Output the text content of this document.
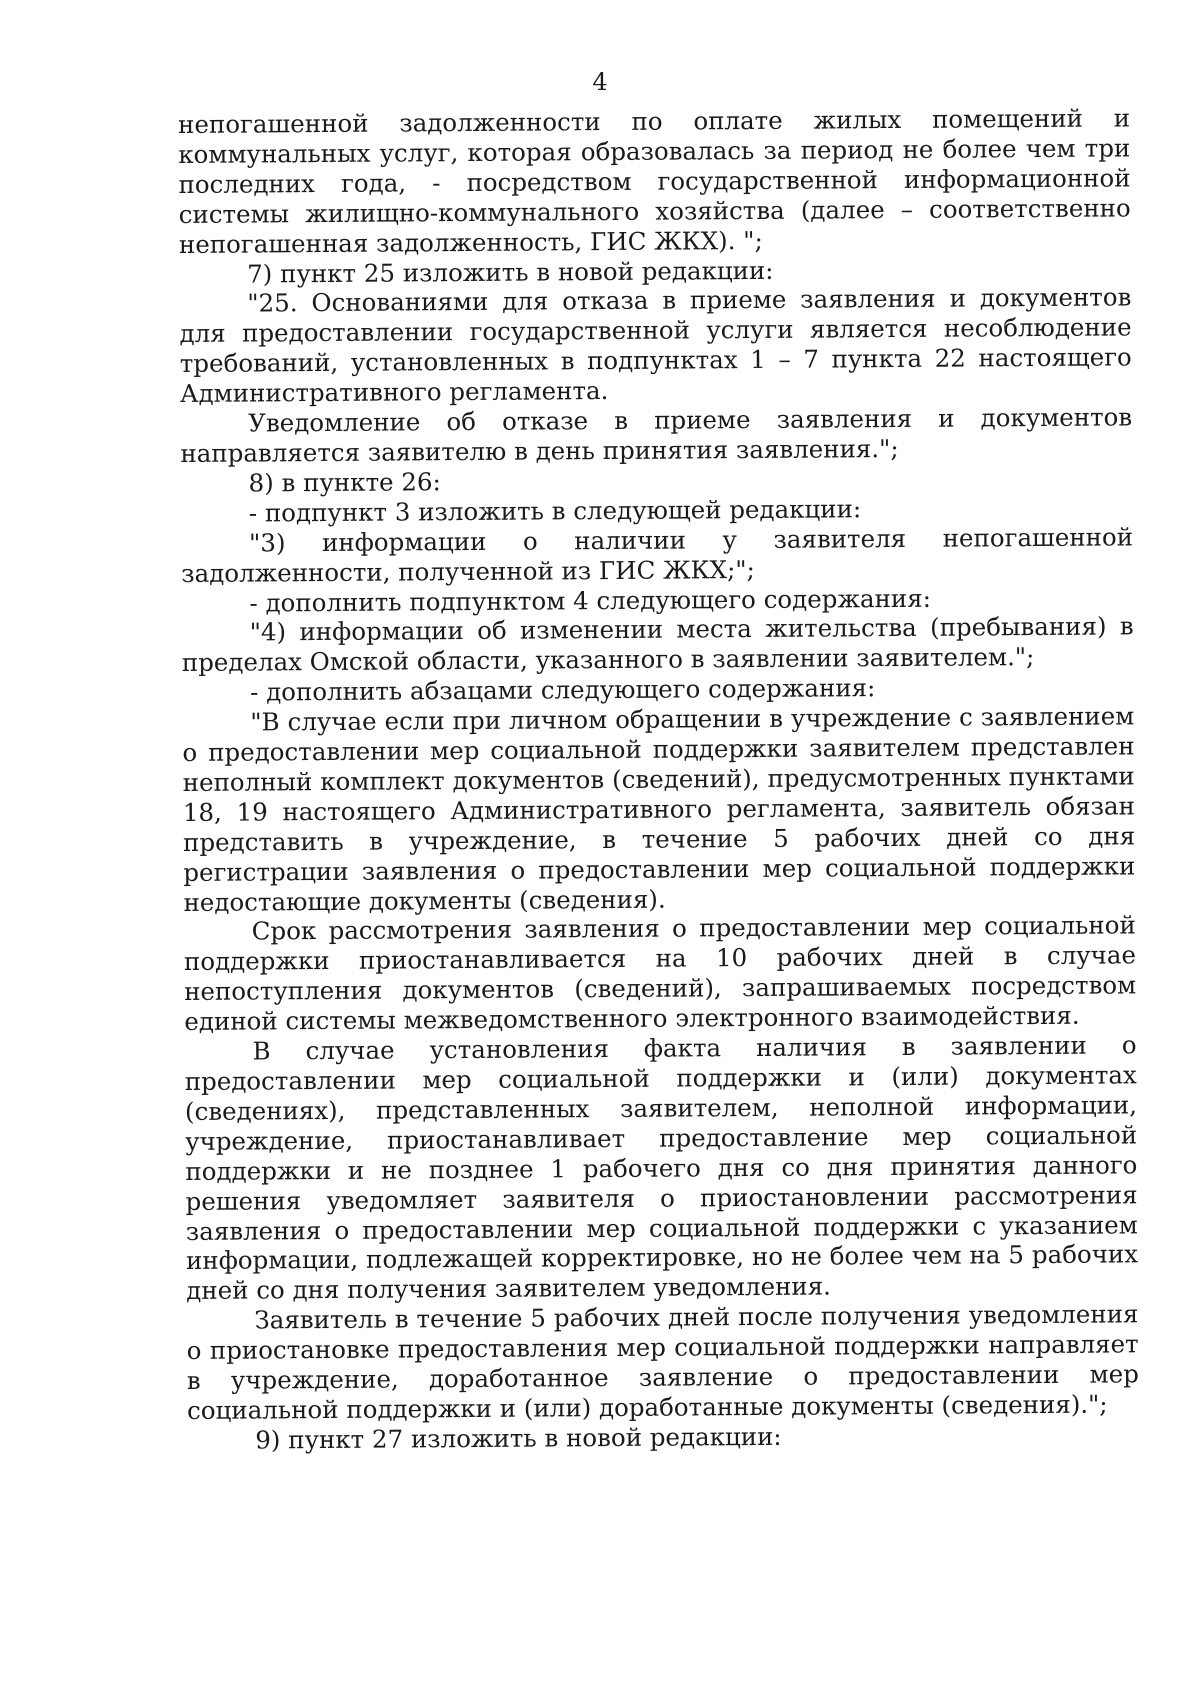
4

непогашенной задолженности по оплате жилых помещений и коммунальных услуг, которая образовалась за период не более чем три последних года, - посредством государственной информационной системы жилищно-коммунального хозяйства (далее – соответственно непогашенная задолженность, ГИС ЖКХ). ";

7) пункт 25 изложить в новой редакции:

"25. Основаниями для отказа в приеме заявления и документов для предоставлении государственной услуги является несоблюдение требований, установленных в подпунктах 1 – 7 пункта 22 настоящего Административного регламента.

Уведомление об отказе в приеме заявления и документов направляется заявителю в день принятия заявления.";

8) в пункте 26:

- подпункт 3 изложить в следующей редакции:

"3) информации о наличии у заявителя непогашенной задолженности, полученной из ГИС ЖКХ;";

- дополнить подпунктом 4 следующего содержания:

"4) информации об изменении места жительства (пребывания) в пределах Омской области, указанного в заявлении заявителем.";

- дополнить абзацами следующего содержания:

"В случае если при личном обращении в учреждение с заявлением о предоставлении мер социальной поддержки заявителем представлен неполный комплект документов (сведений), предусмотренных пунктами 18, 19 настоящего Административного регламента, заявитель обязан представить в учреждение, в течение 5 рабочих дней со дня регистрации заявления о предоставлении мер социальной поддержки недостающие документы (сведения).

Срок рассмотрения заявления о предоставлении мер социальной поддержки приостанавливается на 10 рабочих дней в случае непоступления документов (сведений), запрашиваемых посредством единой системы межведомственного электронного взаимодействия.

В случае установления факта наличия в заявлении о предоставлении мер социальной поддержки и (или) документах (сведениях), представленных заявителем, неполной информации, учреждение, приостанавливает предоставление мер социальной поддержки и не позднее 1 рабочего дня со дня принятия данного решения уведомляет заявителя о приостановлении рассмотрения заявления о предоставлении мер социальной поддержки с указанием информации, подлежащей корректировке, но не более чем на 5 рабочих дней со дня получения заявителем уведомления.

Заявитель в течение 5 рабочих дней после получения уведомления о приостановке предоставления мер социальной поддержки направляет в учреждение, доработанное заявление о предоставлении мер социальной поддержки и (или) доработанные документы (сведения).";

9) пункт 27 изложить в новой редакции:
